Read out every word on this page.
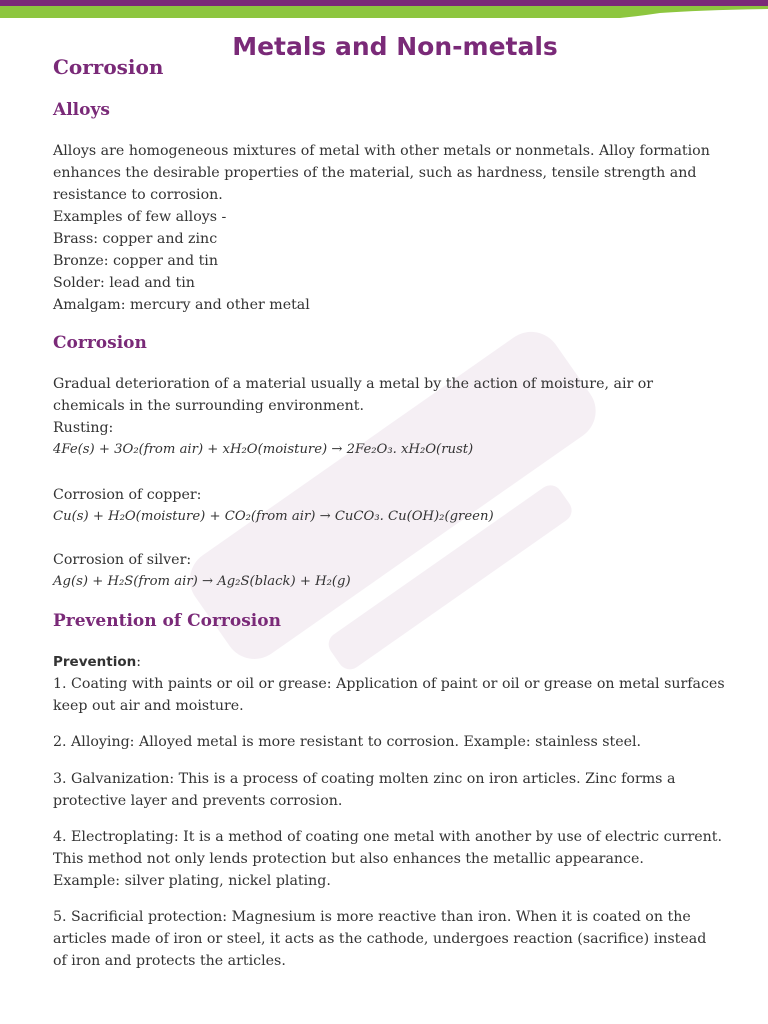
Metals and Non-metals
Corrosion
Alloys
Alloys are homogeneous mixtures of metal with other metals or nonmetals. Alloy formation
enhances the desirable properties of the material, such as hardness, tensile strength and
resistance to corrosion.
Examples of few alloys -
Brass: copper and zinc
Bronze: copper and tin
Solder: lead and tin
Amalgam: mercury and other metal
Corrosion
Gradual deterioration of a material usually a metal by the action of moisture, air or
chemicals in the surrounding environment.
Rusting:
4Fe(s) + 3O₂(from air) + xH₂O(moisture) → 2Fe₂O₃. xH₂O(rust)
Corrosion of copper:
Cu(s) + H₂O(moisture) + CO₂(from air) → CuCO₃. Cu(OH)₂(green)
Corrosion of silver:
Ag(s) + H₂S(from air) → Ag₂S(black) + H₂(g)
Prevention of Corrosion
Prevention:
1. Coating with paints or oil or grease: Application of paint or oil or grease on metal surfaces
keep out air and moisture.
2. Alloying: Alloyed metal is more resistant to corrosion. Example: stainless steel.
3. Galvanization: This is a process of coating molten zinc on iron articles. Zinc forms a
protective layer and prevents corrosion.
4. Electroplating: It is a method of coating one metal with another by use of electric current.
This method not only lends protection but also enhances the metallic appearance.
Example: silver plating, nickel plating.
5. Sacrificial protection: Magnesium is more reactive than iron. When it is coated on the
articles made of iron or steel, it acts as the cathode, undergoes reaction (sacrifice) instead
of iron and protects the articles.
